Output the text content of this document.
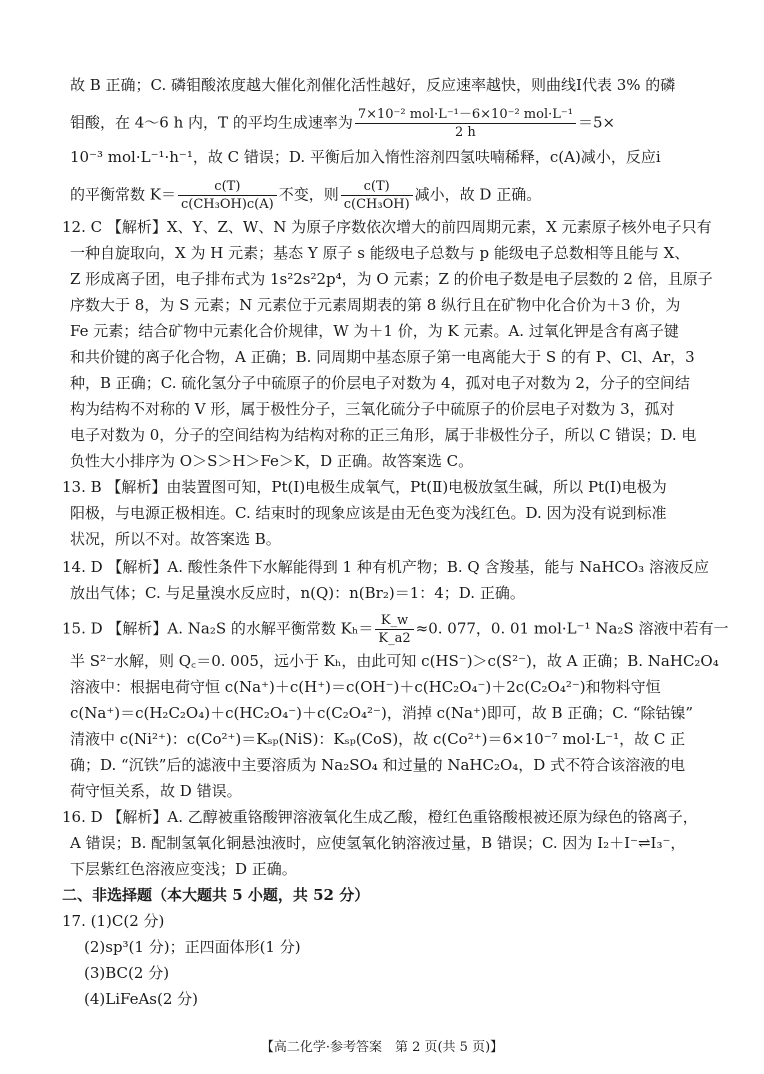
故 B 正确；C. 磷钼酸浓度越大催化剂催化活性越好，反应速率越快，则曲线Ⅰ代表 3% 的磷
钼酸，在 4～6 h 内，T 的平均生成速率为 $\frac{\text{7×10⁻² mol·L⁻¹－6×10⁻² mol·L⁻¹}}{2 h} =5\times$
10⁻³ mol·L⁻¹·h⁻¹，故 C 错误；D. 平衡后加入惰性溶剂四氢呋喃稀释，c(A)减小，反应ⅰ
的平衡常数 $K= \frac{c(T)}{\text{c(CH₃OH)c(A)}}$ 不变，则 $\frac{c(T)}{\text{c(CH₃OH)}}$ 减小，故 D 正确。
12. C 【解析】X、Y、Z、W、N 为原子序数依次增大的前四周期元素，X 元素原子核外电子只有
一种自旋取向，X 为 H 元素；基态 Y 原子 s 能级电子总数与 p 能级电子总数相等且能与 X、
Z 形成离子团，电子排布式为 1s²2s²2p⁴，为 O 元素；Z 的价电子数是电子层数的 2 倍，且原子
序数大于 8，为 S 元素；N 元素位于元素周期表的第 8 纵行且在矿物中化合价为＋3 价，为
Fe 元素；结合矿物中元素化合价规律，W 为＋1 价，为 K 元素。A. 过氧化钾是含有离子键
和共价键的离子化合物，A 正确；B. 同周期中基态原子第一电离能大于 S 的有 P、Cl、Ar，3
种，B 正确；C. 硫化氢分子中硫原子的价层电子对数为 4，孤对电子对数为 2，分子的空间结
构为结构不对称的 V 形，属于极性分子，三氧化硫分子中硫原子的价层电子对数为 3，孤对
电子对数为 0，分子的空间结构为结构对称的正三角形，属于非极性分子，所以 C 错误；D. 电
负性大小排序为 O＞S＞H＞Fe＞K，D 正确。故答案选 C。
13. B 【解析】由装置图可知，Pt(Ⅰ)电极生成氧气，Pt(Ⅱ)电极放氢生碱，所以 Pt(Ⅰ)电极为
阳极，与电源正极相连。C. 结束时的现象应该是由无色变为浅红色。D. 因为没有说到标准
状况，所以不对。故答案选 B。
14. D 【解析】A. 酸性条件下水解能得到 1 种有机产物；B. Q 含羧基，能与 NaHCO₃ 溶液反应
放出气体；C. 与足量溴水反应时，n(Q)：n(Br₂)＝1：4；D. 正确。
15. D 【解析】A. Na₂S 的水解平衡常数 $K_h= \frac{K\_w}{K\_a2} \approx 0$. 077，0. 01 mol·L⁻¹ Na₂S 溶液中若有一
半 S²⁻水解，则 Q꜀＝0. 005，远小于 Kₕ，由此可知 c(HS⁻)＞c(S²⁻)，故 A 正确；B. NaHC₂O₄
溶液中：根据电荷守恒 c(Na⁺)＋c(H⁺)＝c(OH⁻)＋c(HC₂O₄⁻)＋2c(C₂O₄²⁻)和物料守恒
c(Na⁺)＝c(H₂C₂O₄)＋c(HC₂O₄⁻)＋c(C₂O₄²⁻)，消掉 c(Na⁺)即可，故 B 正确；C. “除钴镍”
清液中 c(Ni²⁺)：c(Co²⁺)＝Kₛₚ(NiS)：Kₛₚ(CoS)，故 c(Co²⁺)＝6×10⁻⁷ mol·L⁻¹，故 C 正
确；D. “沉铁”后的滤液中主要溶质为 Na₂SO₄ 和过量的 NaHC₂O₄，D 式不符合该溶液的电
荷守恒关系，故 D 错误。
16. D 【解析】A. 乙醇被重铬酸钾溶液氧化生成乙酸，橙红色重铬酸根被还原为绿色的铬离子，
A 错误；B. 配制氢氧化铜悬浊液时，应使氢氧化钠溶液过量，B 错误；C. 因为 I₂＋I⁻⇌I₃⁻，
下层紫红色溶液应变浅；D 正确。
二、非选择题（本大题共 5 小题，共 52 分）
17. (1)C(2 分)
(2)sp³(1 分)；正四面体形(1 分)
(3)BC(2 分)
(4)LiFeAs(2 分)
【高二化学·参考答案　第 2 页(共 5 页)】
